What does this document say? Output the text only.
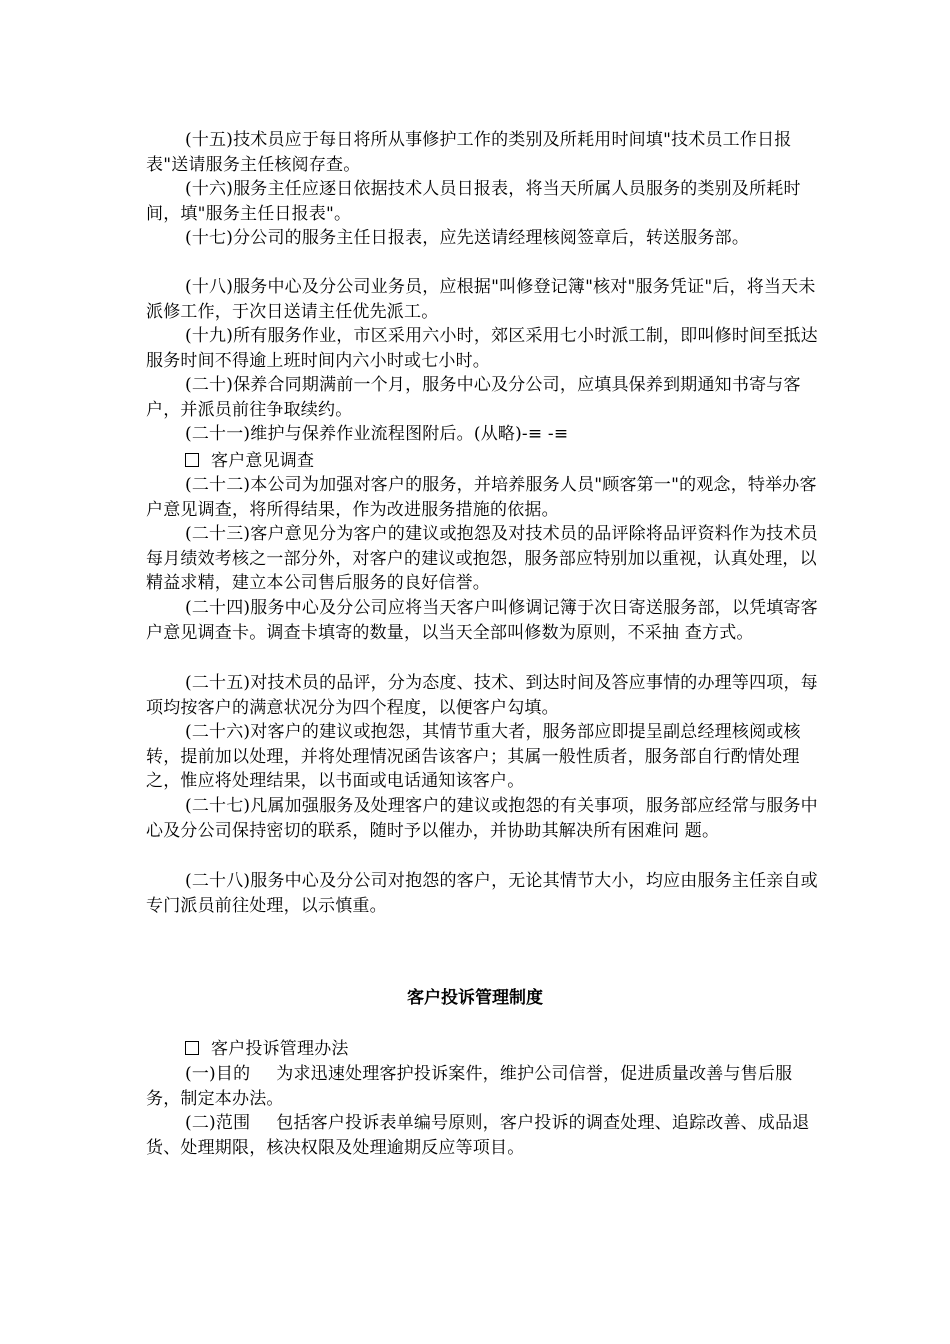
(十五)技术员应于每日将所从事修护工作的类别及所耗用时间填"技术员工作日报表"送请服务主任核阅存查。
(十六)服务主任应逐日依据技术人员日报表，将当天所属人员服务的类别及所耗时间，填"服务主任日报表"。
(十七)分公司的服务主任日报表，应先送请经理核阅签章后，转送服务部。
(十八)服务中心及分公司业务员，应根据"叫修登记簿"核对"服务凭证"后，将当天未派修工作，于次日送请主任优先派工。
(十九)所有服务作业，市区采用六小时，郊区采用七小时派工制，即叫修时间至抵达服务时间不得逾上班时间内六小时或七小时。
(二十)保养合同期满前一个月，服务中心及分公司，应填具保养到期通知书寄与客户，并派员前往争取续约。
(二十一)维护与保养作业流程图附后。(从略)-≡ -≡
客户意见调查
(二十二)本公司为加强对客户的服务，并培养服务人员"顾客第一"的观念，特举办客户意见调查，将所得结果，作为改进服务措施的依据。
(二十三)客户意见分为客户的建议或抱怨及对技术员的品评除将品评资料作为技术员每月绩效考核之一部分外，对客户的建议或抱怨，服务部应特别加以重视，认真处理，以精益求精，建立本公司售后服务的良好信誉。
(二十四)服务中心及分公司应将当天客户叫修调记簿于次日寄送服务部，以凭填寄客户意见调查卡。调查卡填寄的数量，以当天全部叫修数为原则，不采抽 查方式。
(二十五)对技术员的品评，分为态度、技术、到达时间及答应事情的办理等四项，每项均按客户的满意状况分为四个程度，以便客户勾填。
(二十六)对客户的建议或抱怨，其情节重大者，服务部应即提呈副总经理核阅或核转，提前加以处理，并将处理情况函告该客户；其属一般性质者，服务部自行酌情处理之，惟应将处理结果，以书面或电话通知该客户。
(二十七)凡属加强服务及处理客户的建议或抱怨的有关事项，服务部应经常与服务中心及分公司保持密切的联系，随时予以催办，并协助其解决所有困难问 题。
(二十八)服务中心及分公司对抱怨的客户，无论其情节大小，均应由服务主任亲自或专门派员前往处理，以示慎重。
客户投诉管理制度
客户投诉管理办法
(一)目的 为求迅速处理客护投诉案件，维护公司信誉，促进质量改善与售后服务，制定本办法。
(二)范围 包括客户投诉表单编号原则，客户投诉的调查处理、追踪改善、成品退货、处理期限，核决权限及处理逾期反应等项目。
